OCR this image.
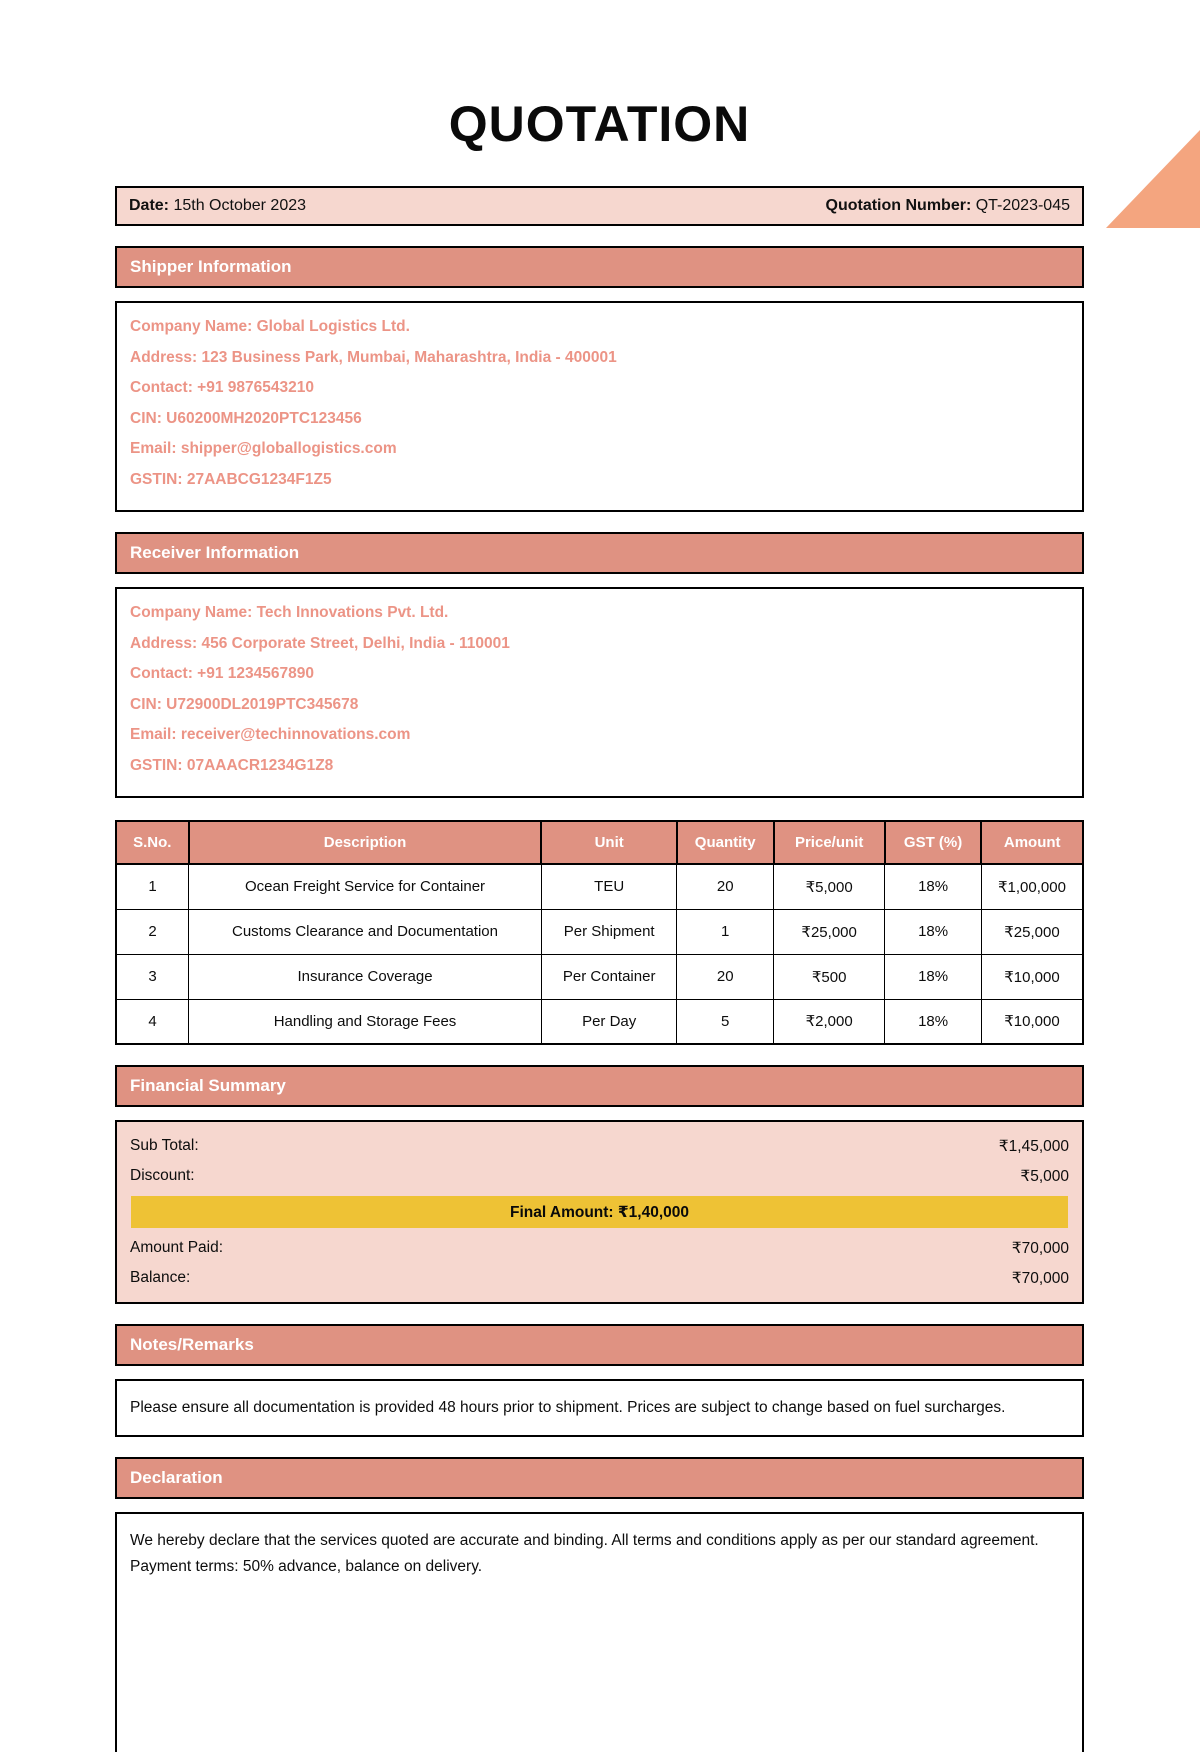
QUOTATION
Date: 15th October 2023	Quotation Number: QT-2023-045
Shipper Information
Company Name: Global Logistics Ltd.
Address: 123 Business Park, Mumbai, Maharashtra, India - 400001
Contact: +91 9876543210
CIN: U60200MH2020PTC123456
Email: shipper@globallogistics.com
GSTIN: 27AABCG1234F1Z5
Receiver Information
Company Name: Tech Innovations Pvt. Ltd.
Address: 456 Corporate Street, Delhi, India - 110001
Contact: +91 1234567890
CIN: U72900DL2019PTC345678
Email: receiver@techinnovations.com
GSTIN: 07AAACR1234G1Z8
S.No.	Description	Unit	Quantity	Price/unit	GST (%)	Amount
1	Ocean Freight Service for Container	TEU	20	₹5,000	18%	₹1,00,000
2	Customs Clearance and Documentation	Per Shipment	1	₹25,000	18%	₹25,000
3	Insurance Coverage	Per Container	20	₹500	18%	₹10,000
4	Handling and Storage Fees	Per Day	5	₹2,000	18%	₹10,000
Financial Summary
Sub Total:	₹1,45,000
Discount:	₹5,000
Final Amount: ₹1,40,000
Amount Paid:	₹70,000
Balance:	₹70,000
Notes/Remarks
Please ensure all documentation is provided 48 hours prior to shipment. Prices are subject to change based on fuel surcharges.
Declaration
We hereby declare that the services quoted are accurate and binding. All terms and conditions apply as per our standard agreement. Payment terms: 50% advance, balance on delivery.
